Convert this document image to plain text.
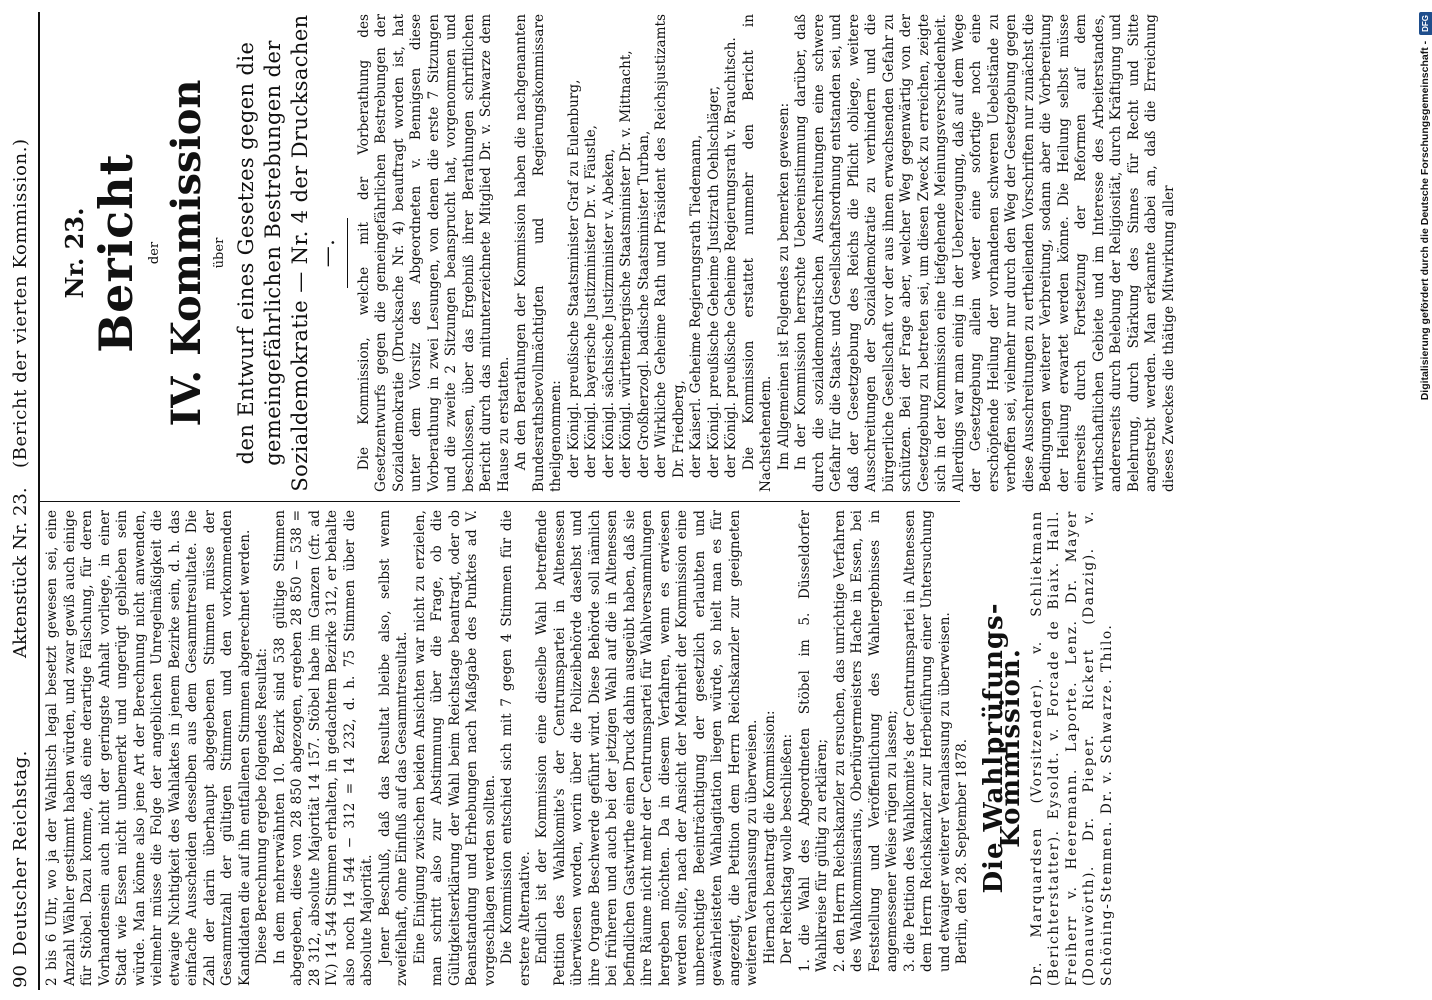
90
Deutscher Reichstag.
Aktenstück Nr. 23.
(Bericht der vierten Kommission.)

2 bis 6 Uhr, wo ja der Wahltisch legal besetzt gewesen sei, eine Anzahl Wähler gestimmt haben würden, und zwar gewiß auch einige für Stöbel. Dazu komme, daß eine derartige Fälschung, für deren Vorhandensein auch nicht der geringste Anhalt vorliege, in einer Stadt wie Essen nicht unbemerkt und ungerügt geblieben sein würde. Man könne also jene Art der Berechnung nicht anwenden, vielmehr müsse die Folge der angeblichen Unregelmäßigkeit die etwaige Nichtigkeit des Wahlaktes in jenem Bezirke sein, d. h. das einfache Ausscheiden desselben aus dem Gesammtresultate. Die Zahl der darin überhaupt abgegebenen Stimmen müsse der Gesammtzahl der gültigen Stimmen und den vorkommenden Kandidaten die auf ihn entfallenen Stimmen abgerechnet werden. Diese Berechnung ergebe folgendes Resultat: In dem mehrerwähnten 10. Bezirk sind 538 gültige Stimmen abgegeben, diese von 28 850 abgezogen, ergeben 28 850 − 538 = 28 312, absolute Majorität 14 157. Stöbel habe im Ganzen (cfr. ad IV.) 14 544 Stimmen erhalten, in gedachtem Bezirke 312, er behalte also noch 14 544 − 312 = 14 232, d. h. 75 Stimmen über die absolute Majorität. Jener Beschluß, daß das Resultat bleibe also, selbst wenn zweifelhaft, ohne Einfluß auf das Gesammtresultat. Eine Einigung zwischen beiden Ansichten war nicht zu erzielen, man schritt also zur Abstimmung über die Frage, ob die Gültigkeitserklärung der Wahl beim Reichstage beantragt, oder ob Beanstandung und Erhebungen nach Maßgabe des Punktes ad V. vorgeschlagen werden sollten. Die Kommission entschied sich mit 7 gegen 4 Stimmen für die erstere Alternative. Endlich ist der Kommission eine dieselbe Wahl betreffende Petition des Wahlkomite's der Centrumspartei in Altenessen überwiesen worden, worin über die Polizeibehörde daselbst und ihre Organe Beschwerde geführt wird. Diese Behörde soll nämlich bei früheren und auch bei der jetzigen Wahl auf die in Altenessen befindlichen Gastwirthe einen Druck dahin ausgeübt haben, daß sie ihre Räume nicht mehr der Centrumspartei für Wahlversammlungen hergeben möchten. Da in diesem Verfahren, wenn es erwiesen werden sollte, nach der Ansicht der Mehrheit der Kommission eine unberechtigte Beeinträchtigung der gesetzlich erlaubten und gewährleisteten Wahlagitation liegen würde, so hielt man es für angezeigt, die Petition dem Herrn Reichskanzler zur geeigneten weiteren Veranlassung zu überweisen. Hiernach beantragt die Kommission: Der Reichstag wolle beschließen: 1. die Wahl des Abgeordneten Stöbel im 5. Düsseldorfer Wahlkreise für gültig zu erklären; 2. den Herrn Reichskanzler zu ersuchen, das unrichtige Verfahren des Wahlkommissarius, Oberbürgermeisters Hache in Essen, bei Feststellung und Veröffentlichung des Wahlergebnisses in angemessener Weise rügen zu lassen; 3. die Petition des Wahlkomite's der Centrumspartei in Altenessen dem Herrn Reichskanzler zur Herbeiführung einer Untersuchung und etwaiger weiterer Veranlassung zu überweisen. Berlin, den 28. September 1878. Die Wahlprüfungs-Kommission. Dr. Marquardsen (Vorsitzender). v. Schliekmann (Berichterstatter). Eysoldt. v. Forcade de Biaix. Hall. Freiherr v. Heeremann. Laporte. Lenz. Dr. Mayer (Donauwörth). Dr. Pieper. Rickert (Danzig). v. Schöning-Stemmen. Dr. v. Schwarze. Thilo.

Nr. 23. Bericht der IV. Kommission über den Entwurf eines Gesetzes gegen die gemeingefährlichen Bestrebungen der Sozialdemokratie — Nr. 4 der Drucksachen —. Die Kommission, welche mit der Vorberathung des Gesetzentwurfs gegen die gemeingefährlichen Bestrebungen der Sozialdemokratie (Drucksache Nr. 4) beauftragt worden ist, hat unter dem Vorsitz des Abgeordneten v. Bennigsen diese Vorberathung in zwei Lesungen, von denen die erste 7 Sitzungen und die zweite 2 Sitzungen beansprucht hat, vorgenommen und beschlossen, über das Ergebniß ihrer Berathungen schriftlichen Bericht durch das mitunterzeichnete Mitglied Dr. v. Schwarze dem Hause zu erstatten. An den Berathungen der Kommission haben die nachgenannten Bundesrathsbevollmächtigten und Regierungskommissare theilgenommen: der Königl. preußische Staatsminister Graf zu Eulenburg, der Königl. bayerische Justizminister Dr. v. Fäustle, der Königl. sächsische Justizminister v. Abeken, der Königl. württembergische Staatsminister Dr. v. Mittnacht, der Großherzogl. badische Staatsminister Turban, der Wirkliche Geheime Rath und Präsident des Reichsjustizamts Dr. Friedberg, der Kaiserl. Geheime Regierungsrath Tiedemann, der Königl. preußische Geheime Justizrath Oehlschläger, der Königl. preußische Geheime Regierungsrath v. Brauchitsch. Die Kommission erstattet nunmehr den Bericht in Nachstehendem. Im Allgemeinen ist Folgendes zu bemerken gewesen: In der Kommission herrschte Uebereinstimmung darüber, daß durch die sozialdemokratischen Ausschreitungen eine schwere Gefahr für die Staats- und Gesellschaftsordnung entstanden sei, und daß der Gesetzgebung des Reichs die Pflicht obliege, weitere Ausschreitungen der Sozialdemokratie zu verhindern und die bürgerliche Gesellschaft vor der aus ihnen erwachsenden Gefahr zu schützen. Bei der Frage aber, welcher Weg gegenwärtig von der Gesetzgebung zu betreten sei, um diesen Zweck zu erreichen, zeigte sich in der Kommission eine tiefgehende Meinungsverschiedenheit. Allerdings war man einig in der Ueberzeugung, daß auf dem Wege der Gesetzgebung allein weder eine sofortige noch eine erschöpfende Heilung der vorhandenen schweren Uebelstände zu verhoffen sei, vielmehr nur durch den Weg der Gesetzgebung gegen diese Ausschreitungen zu ertheilenden Vorschriften nur zunächst die Bedingungen weiterer Verbreitung, sodann aber die Vorbereitung der Heilung erwartet werden könne. Die Heilung selbst müsse einerseits durch Fortsetzung der Reformen auf dem wirthschaftlichen Gebiete und im Interesse des Arbeiterstandes, andererseits durch Belebung der Religiosität, durch Kräftigung und Belehrung, durch Stärkung des Sinnes für Recht und Sitte angestrebt werden. Man erkannte dabei an, daß die Erreichung dieses Zweckes die thätige Mitwirkung aller	Digitalisierung gefördert durch die Deutsche Forschungsgemeinschaft -DFG
